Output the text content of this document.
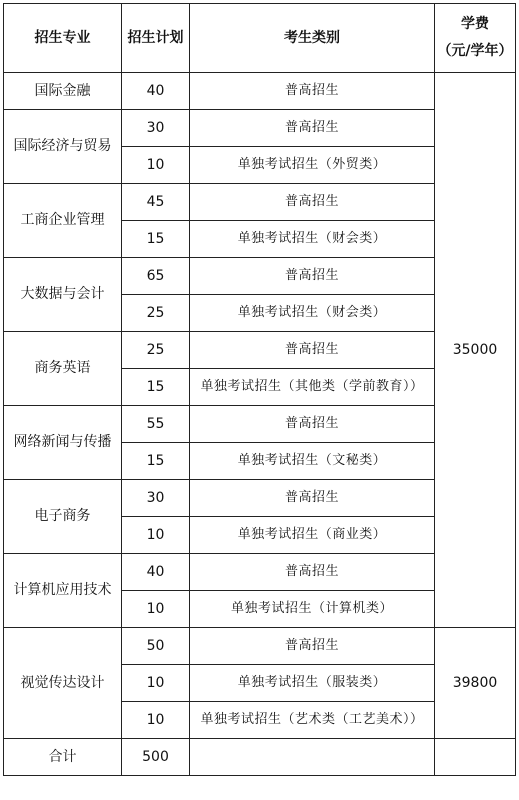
招生专业	招生计划	考生类别	学费
（元/学年）

国际金融	40	普高招生	35000
国际经济与贸易	30	普高招生	
	10	单独考试招生（外贸类）	
工商企业管理	45	普高招生	
	15	单独考试招生（财会类）	
大数据与会计	65	普高招生	
	25	单独考试招生（财会类）	
商务英语	25	普高招生	
	15	单独考试招生（其他类（学前教育））	
网络新闻与传播	55	普高招生	
	15	单独考试招生（文秘类）	
电子商务	30	普高招生	
	10	单独考试招生（商业类）	
计算机应用技术	40	普高招生	
	10	单独考试招生（计算机类）	
视觉传达设计	50	普高招生	39800
	10	单独考试招生（服装类）	
	10	单独考试招生（艺术类（工艺美术））	
合计	500		
